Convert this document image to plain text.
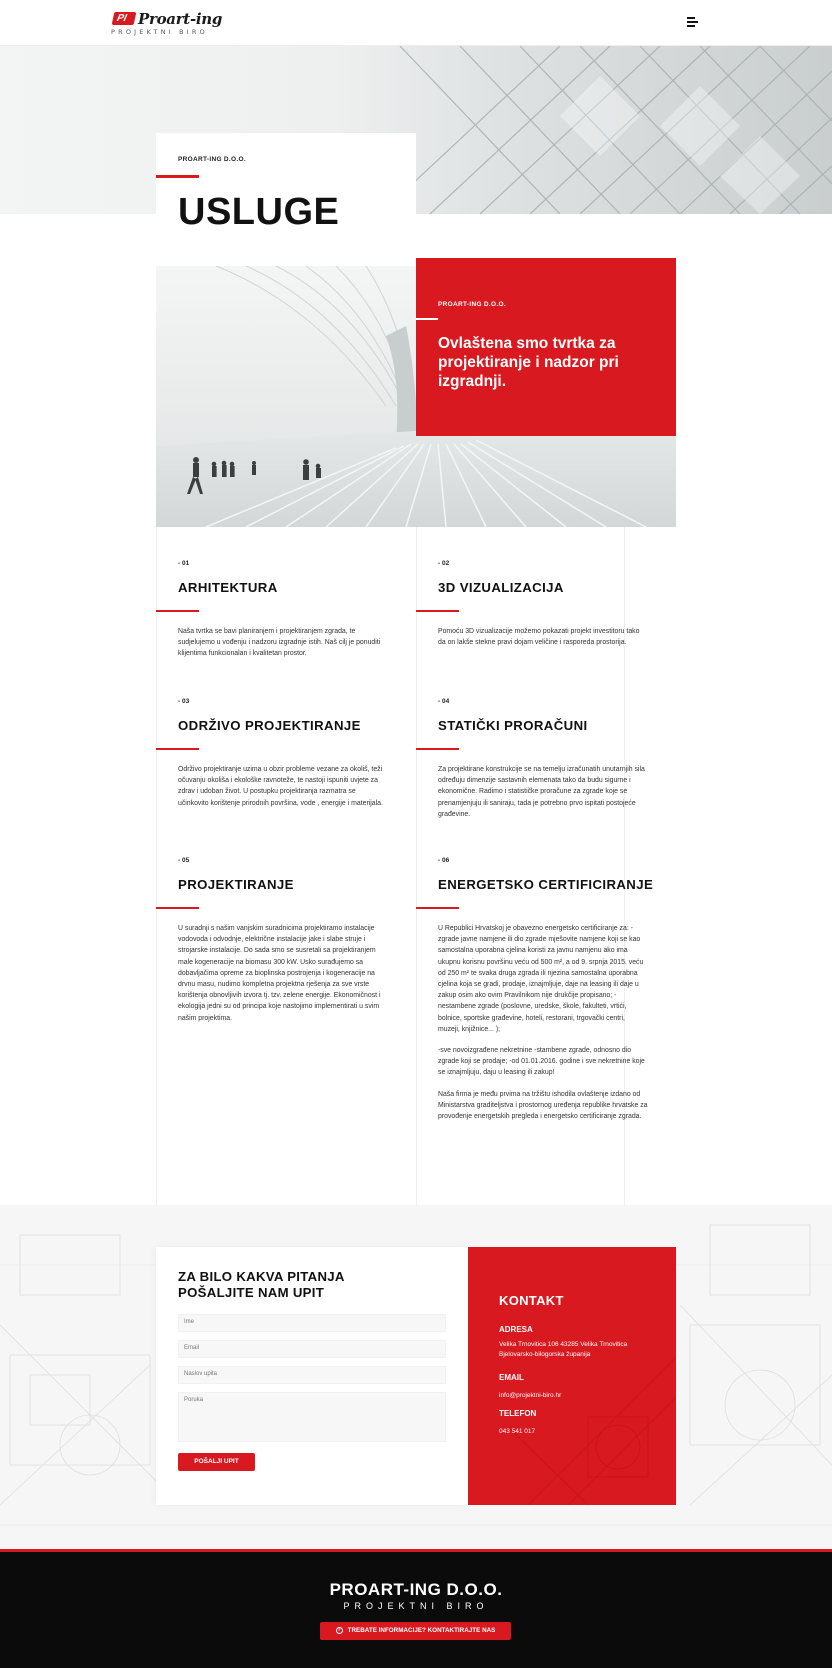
PI Proart-ing
PROJEKTNI BIRO
PROART-ING D.O.O.
USLUGE
PROART-ING D.O.O.
Ovlaštena smo tvrtka za projektiranje i nadzor pri izgradnji.
- 01
ARHITEKTURA

Naša tvrtka se bavi planiranjem i projektiranjem zgrada, te sudjelujemo u vođenju i nadzoru izgradnje istih. Naš cilj je ponuditi klijentima funkcionalan i kvalitetan prostor.

- 02
3D VIZUALIZACIJA

Pomoću 3D vizualizacije možemo pokazati projekt investitoru tako da on lakše stekne pravi dojam veličine i rasporeda prostorija.

- 03
ODRŽIVO PROJEKTIRANJE

Održivo projektiranje uzima u obzir probleme vezane za okoliš, teži očuvanju okoliša i ekološke ravnoteže, te nastoji ispuniti uvjete za zdrav i udoban život. U postupku projektiranja razmatra se učinkovito korištenje prirodnih površina, vode , energije i materijala.

- 04
STATIČKI PRORAČUNI

Za projektirane konstrukcije se na temelju izračunatih unutarnjih sila određuju dimenzije sastavnih elemenata tako da budu sigurne i ekonomične. Radimo i statističke proračune za zgrade koje se prenamjenjuju ili saniraju, tada je potrebno prvo ispitati postojeće građevine.

- 05
PROJEKTIRANJE

U suradnji s našim vanjskim suradnicima projektiramo instalacije vodovoda i odvodnje, električne instalacije jake i slabe struje i strojarske instalacije. Do sada smo se susretali sa projektiranjem male kogeneracije na biomasu 300 kW. Usko surađujemo sa dobavljačima opreme za bioplinska postrojenja i kogeneracije na drvnu masu, nudimo kompletna projektna rješenja za sve vrste korištenja obnovljivih izvora tj. tzv. zelene energije. Ekonomičnost i ekologija jedni su od principa koje nastojimo implementirati u svim našim projektima.

- 06
ENERGETSKO CERTIFICIRANJE

U Republici Hrvatskoj je obavezno energetsko certificiranje za: -zgrade javne namjene ili dio zgrade mješovite namjene koji se kao samostalna uporabna cjelina koristi za javnu namjenu ako ima ukupnu korisnu površinu veću od 500 m², a od 9. srpnja 2015. veću od 250 m² te svaka druga zgrada ili njezina samostalna uporabna cjelina koja se gradi, prodaje, iznajmljuje, daje na leasing ili daje u zakup osim ako ovim Pravilnikom nije drukčije propisano; -nestambene zgrade (poslovne, uredske, škole, fakulteti, vrtići, bolnice, sportske građevine, hoteli, restorani, trgovački centri, muzeji, knjižnice... );

-sve novoizgrađene nekretnine -stambene zgrade, odnosno dio zgrade koji se prodaje; -od 01.01.2016. godine i sve nekretnine koje se iznajmljuju, daju u leasing ili zakup!

Naša firma je među prvima na tržištu ishodila ovlaštenje izdano od Ministarstva graditeljstva i prostornog uređenja republike hrvatske za provođenje energetskih pregleda i energetsko certificiranje zgrada.

ZA BILO KAKVA PITANJA POŠALJITE NAM UPIT
Ime
Email
Naslov upita
Poruka
POŠALJI UPIT
KONTAKT
ADRESA
Velika Trnovitica 106 43285 Velika Trnovitica Bjelovarsko-bilogorska županija
EMAIL
info@projektni-biro.hr
TELEFON
043 541 017
PROART-ING D.O.O.
PROJEKTNI BIRO
? TREBATE INFORMACIJE? KONTAKTIRAJTE NAS
